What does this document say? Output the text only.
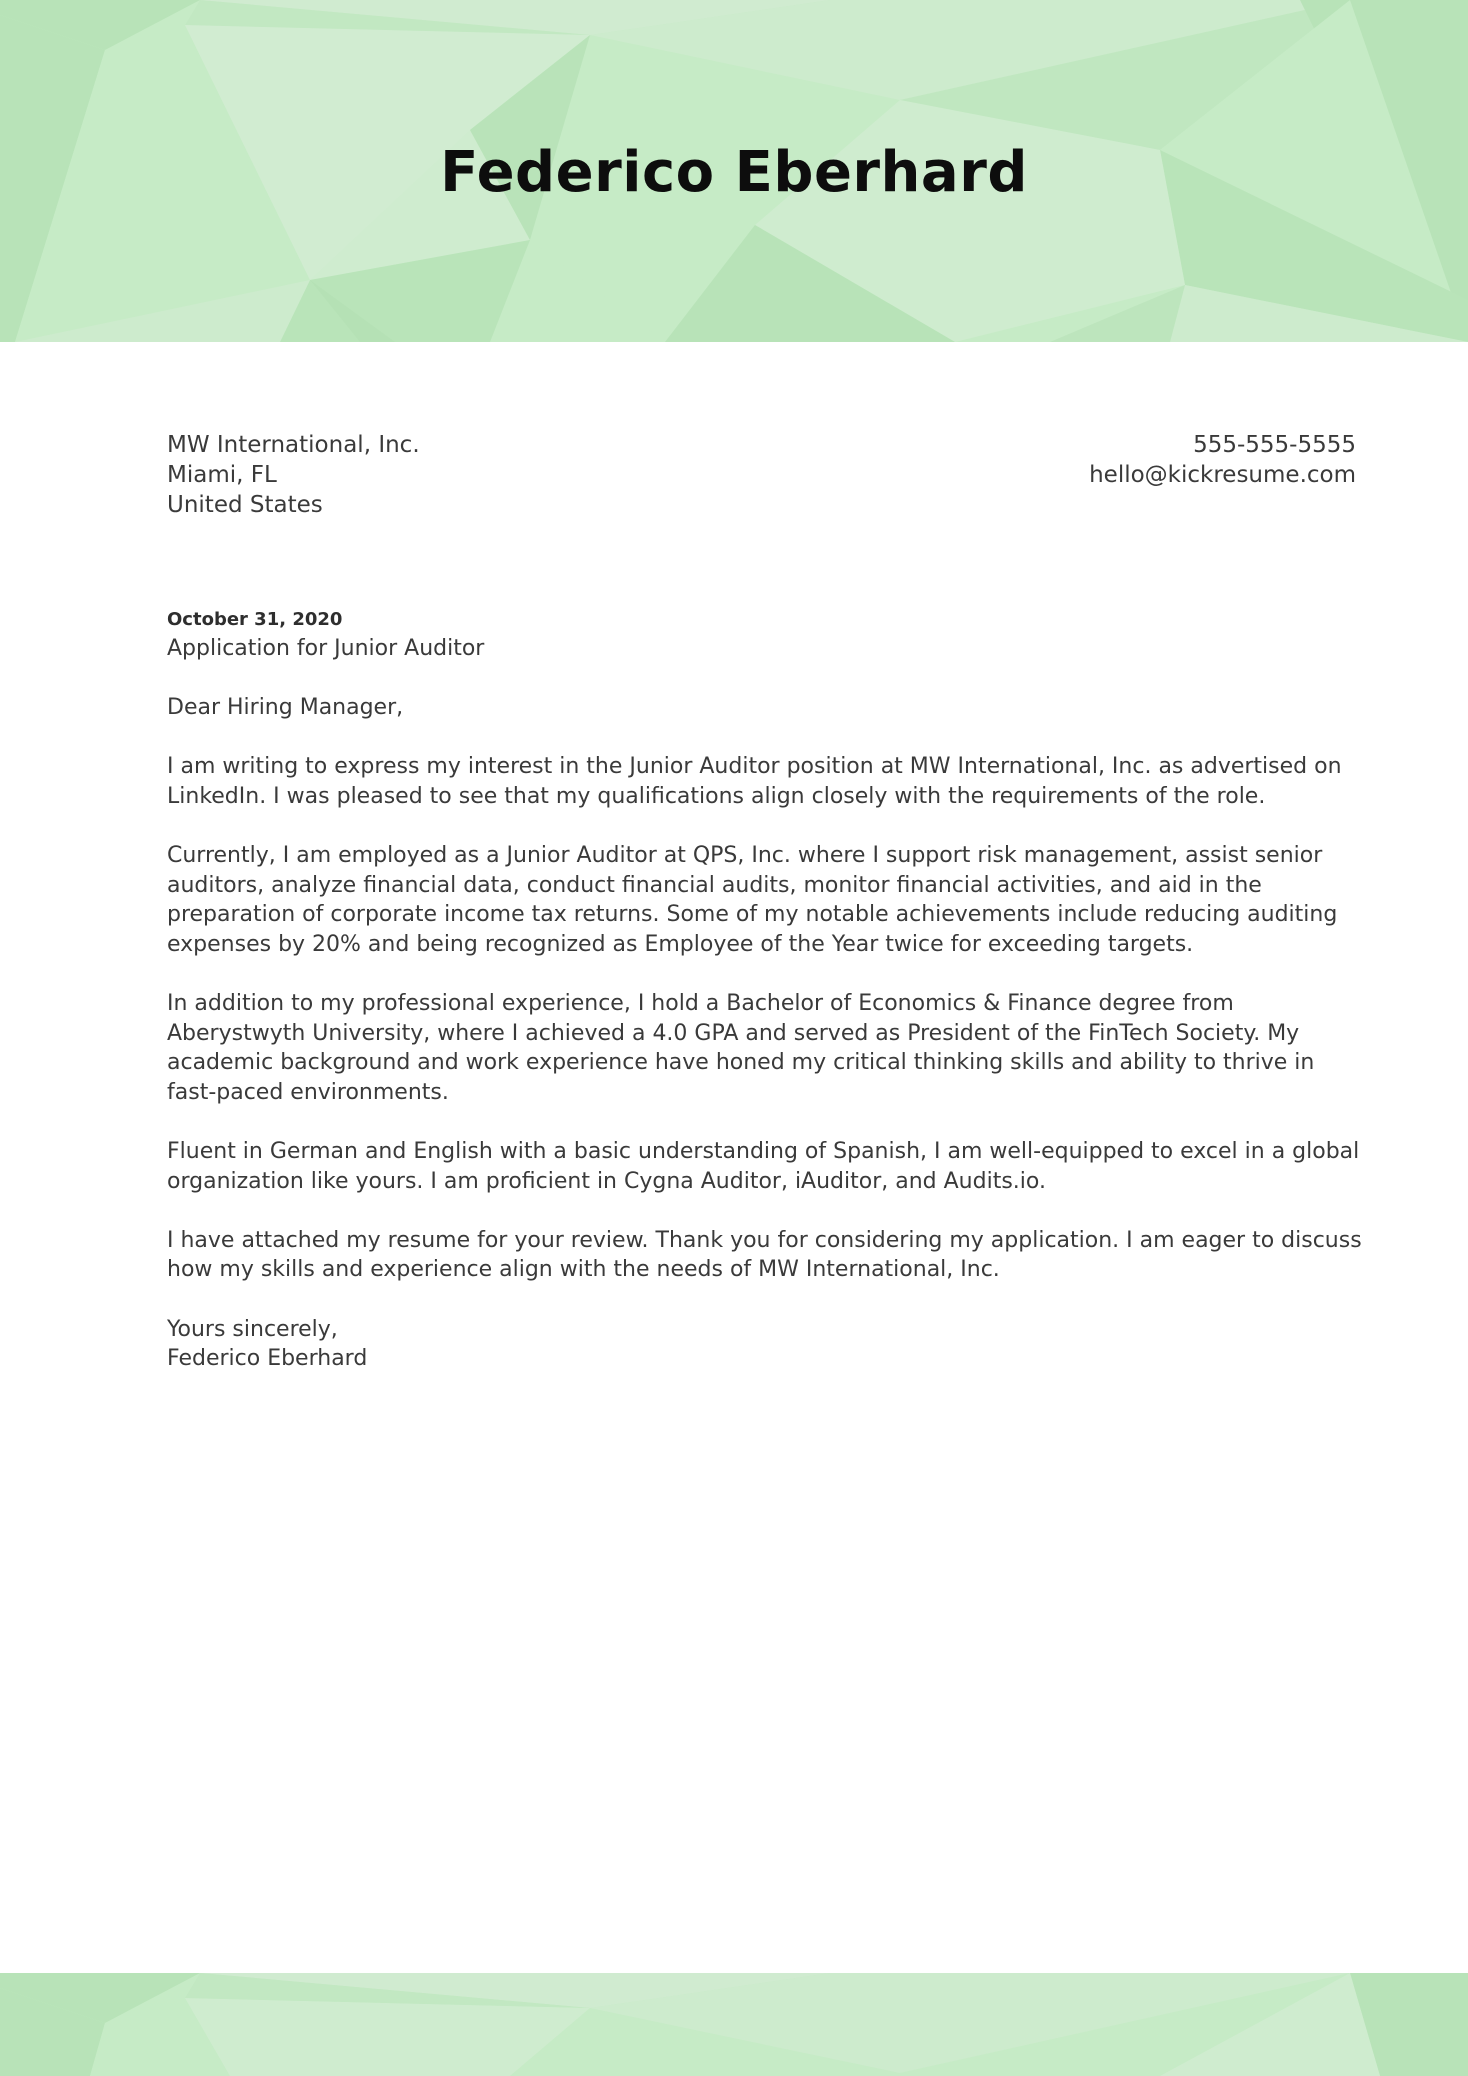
Federico Eberhard
MW International, Inc.
Miami, FL
United States
555-555-5555
hello@kickresume.com
October 31, 2020
Application for Junior Auditor
Dear Hiring Manager,

I am writing to express my interest in the Junior Auditor position at MW International, Inc. as advertised on LinkedIn. I was pleased to see that my qualifications align closely with the requirements of the role.

Currently, I am employed as a Junior Auditor at QPS, Inc. where I support risk management, assist senior auditors, analyze financial data, conduct financial audits, monitor financial activities, and aid in the preparation of corporate income tax returns. Some of my notable achievements include reducing auditing expenses by 20% and being recognized as Employee of the Year twice for exceeding targets.

In addition to my professional experience, I hold a Bachelor of Economics & Finance degree from Aberystwyth University, where I achieved a 4.0 GPA and served as President of the FinTech Society. My academic background and work experience have honed my critical thinking skills and ability to thrive in fast-paced environments.

Fluent in German and English with a basic understanding of Spanish, I am well-equipped to excel in a global organization like yours. I am proficient in Cygna Auditor, iAuditor, and Audits.io.

I have attached my resume for your review. Thank you for considering my application. I am eager to discuss how my skills and experience align with the needs of MW International, Inc.

Yours sincerely,
Federico Eberhard
